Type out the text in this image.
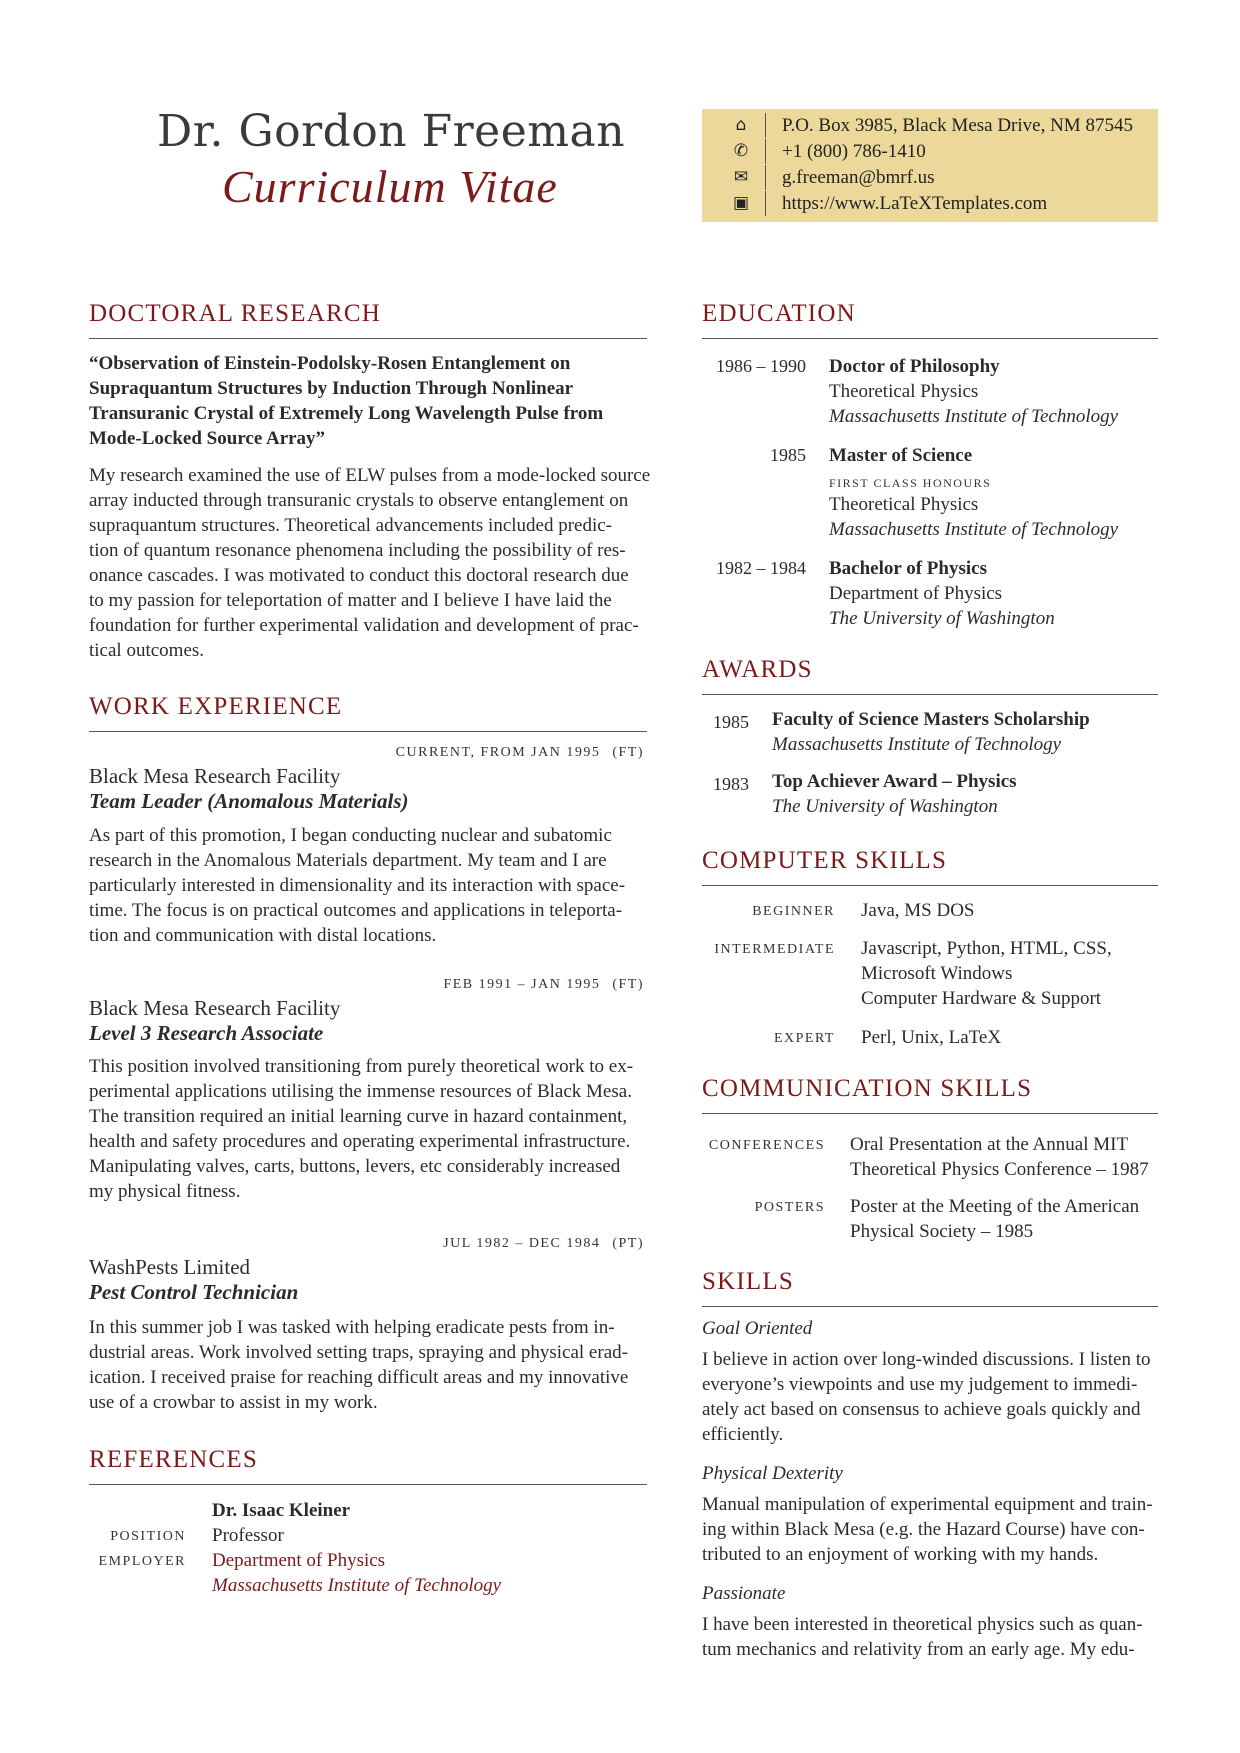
Dr. Gordon Freeman
Curriculum Vitae
⌂ P.O. Box 3985, Black Mesa Drive, NM 87545
✆ +1 (800) 786-1410
✉ g.freeman@bmrf.us
▣ https://www.LaTeXTemplates.com
DOCTORAL RESEARCH
“Observation of Einstein-Podolsky-Rosen Entanglement on
Supraquantum Structures by Induction Through Nonlinear
Transuranic Crystal of Extremely Long Wavelength Pulse from
Mode-Locked Source Array”
My research examined the use of ELW pulses from a mode-locked source
array inducted through transuranic crystals to observe entanglement on
supraquantum structures. Theoretical advancements included predic-
tion of quantum resonance phenomena including the possibility of res-
onance cascades. I was motivated to conduct this doctoral research due
to my passion for teleportation of matter and I believe I have laid the
foundation for further experimental validation and development of prac-
tical outcomes.
WORK EXPERIENCE
CURRENT, FROM JAN 1995 (FT)
Black Mesa Research Facility
Team Leader (Anomalous Materials)
As part of this promotion, I began conducting nuclear and subatomic
research in the Anomalous Materials department. My team and I are
particularly interested in dimensionality and its interaction with space-
time. The focus is on practical outcomes and applications in teleporta-
tion and communication with distal locations.
FEB 1991 – JAN 1995 (FT)
Black Mesa Research Facility
Level 3 Research Associate
This position involved transitioning from purely theoretical work to ex-
perimental applications utilising the immense resources of Black Mesa.
The transition required an initial learning curve in hazard containment,
health and safety procedures and operating experimental infrastructure.
Manipulating valves, carts, buttons, levers, etc considerably increased
my physical fitness.
JUL 1982 – DEC 1984 (PT)
WashPests Limited
Pest Control Technician
In this summer job I was tasked with helping eradicate pests from in-
dustrial areas. Work involved setting traps, spraying and physical erad-
ication. I received praise for reaching difficult areas and my innovative
use of a crowbar to assist in my work.
REFERENCES
Dr. Isaac Kleiner
POSITION Professor
EMPLOYER Department of Physics
Massachusetts Institute of Technology
EDUCATION
1986 – 1990 Doctor of Philosophy
Theoretical Physics
Massachusetts Institute of Technology
1985 Master of Science
FIRST CLASS HONOURS
Theoretical Physics
Massachusetts Institute of Technology
1982 – 1984 Bachelor of Physics
Department of Physics
The University of Washington
AWARDS
1985 Faculty of Science Masters Scholarship
Massachusetts Institute of Technology
1983 Top Achiever Award – Physics
The University of Washington
COMPUTER SKILLS
BEGINNER Java, MS DOS
INTERMEDIATE Javascript, Python, HTML, CSS,
Microsoft Windows
Computer Hardware & Support
EXPERT Perl, Unix, LaTeX
COMMUNICATION SKILLS
CONFERENCES Oral Presentation at the Annual MIT
Theoretical Physics Conference – 1987
POSTERS Poster at the Meeting of the American
Physical Society – 1985
SKILLS
Goal Oriented
I believe in action over long-winded discussions. I listen to
everyone’s viewpoints and use my judgement to immedi-
ately act based on consensus to achieve goals quickly and
efficiently.
Physical Dexterity
Manual manipulation of experimental equipment and train-
ing within Black Mesa (e.g. the Hazard Course) have con-
tributed to an enjoyment of working with my hands.
Passionate
I have been interested in theoretical physics such as quan-
tum mechanics and relativity from an early age. My edu-
